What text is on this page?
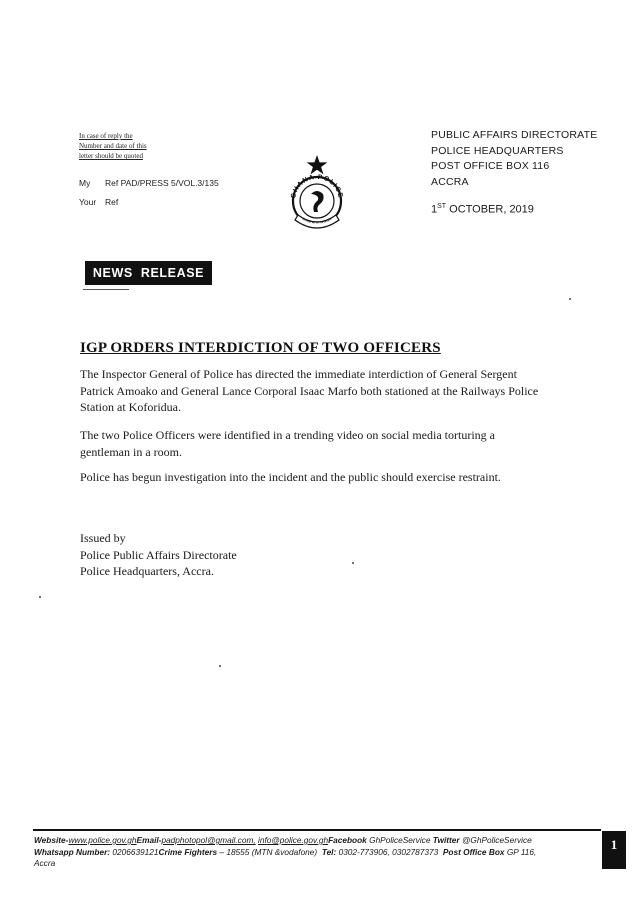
In case of reply the
Number and date of this
letter should be quoted
My Ref PAD/PRESS 5/VOL.3/135
Your Ref
GHANA POLICE
RVICE WITH INTEGRI
PUBLIC AFFAIRS DIRECTORATE
POLICE HEADQUARTERS
POST OFFICE BOX 116
ACCRA
1ST OCTOBER, 2019
NEWS RELEASE
IGP ORDERS INTERDICTION OF TWO OFFICERS
The Inspector General of Police has directed the immediate interdiction of General Sergent Patrick Amoako and General Lance Corporal Isaac Marfo both stationed at the Railways Police Station at Koforidua.
The two Police Officers were identified in a trending video on social media torturing a gentleman in a room.
Police has begun investigation into the incident and the public should exercise restraint.
Issued by
Police Public Affairs Directorate
Police Headquarters, Accra.
Website-www.police.gov.ghEmail-padphotopol@gmail.com, info@police.gov.ghFacebook GhPoliceService Twitter @GhPoliceService
Whatsapp Number: 0206639121Crime Fighters – 18555 (MTN &vodafone) Tel: 0302-773906, 0302787373 Post Office Box GP 116,
Accra
1
